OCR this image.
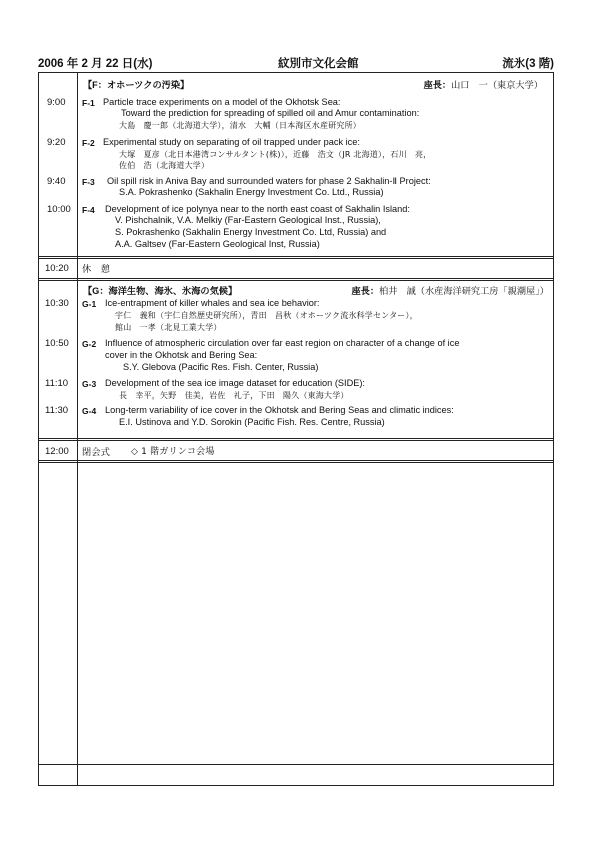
2006 年 2 月 22 日(水)	紋別市文化会館	流氷(3 階)
【F：オホーツクの汚染】	座長：山口　一（東京大学）
9:00 F-1 Particle trace experiments on a model of the Okhotsk Sea:
Toward the prediction for spreading of spilled oil and Amur contamination:
大島　慶一郎（北海道大学），清水　大輔（日本海区水産研究所）
9:20 F-2 Experimental study on separating of oil trapped under pack ice:
大塚　夏彦（北日本港湾コンサルタント(株)），近藤　浩文（JR 北海道），石川　亮，
佐伯　浩（北海道大学）
9:40 F-3 Oil spill risk in Aniva Bay and surrounded waters for phase 2 Sakhalin-Ⅱ Project:
S.A. Pokrashenko (Sakhalin Energy Investment Co. Ltd., Russia)
10:00 F-4 Development of ice polynya near to the north east coast of Sakhalin Island:
V. Pishchalnik, V.A. Melkiy (Far-Eastern Geological Inst., Russia),
S. Pokrashenko (Sakhalin Energy Investment Co. Ltd, Russia) and
A.A. Galtsev (Far-Eastern Geological Inst, Russia)
10:20 休　憩
【G：海洋生物、海氷、氷海の気候】	座長：柏井　誠（水産海洋研究工房「親潮屋」）
10:30 G-1 Ice-entrapment of killer whales and sea ice behavior:
宇仁　義和（宇仁自然歴史研究所），青田　昌秋（オホーツク流氷科学センター），
館山　一孝（北見工業大学）
10:50 G-2 Influence of atmospheric circulation over far east region on character of a change of ice
cover in the Okhotsk and Bering Sea:
S.Y. Glebova (Pacific Res. Fish. Center, Russia)
11:10 G-3 Development of the sea ice image dataset for education (SIDE):
長　幸平，矢野　佳美，岩佐　礼子，下田　陽久（東海大学）
11:30 G-4 Long-term variability of ice cover in the Okhotsk and Bering Seas and climatic indices:
E.I. Ustinova and Y.D. Sorokin (Pacific Fish. Res. Centre, Russia)
12:00 閉会式 ◇ 1 階ガリンコ会場
